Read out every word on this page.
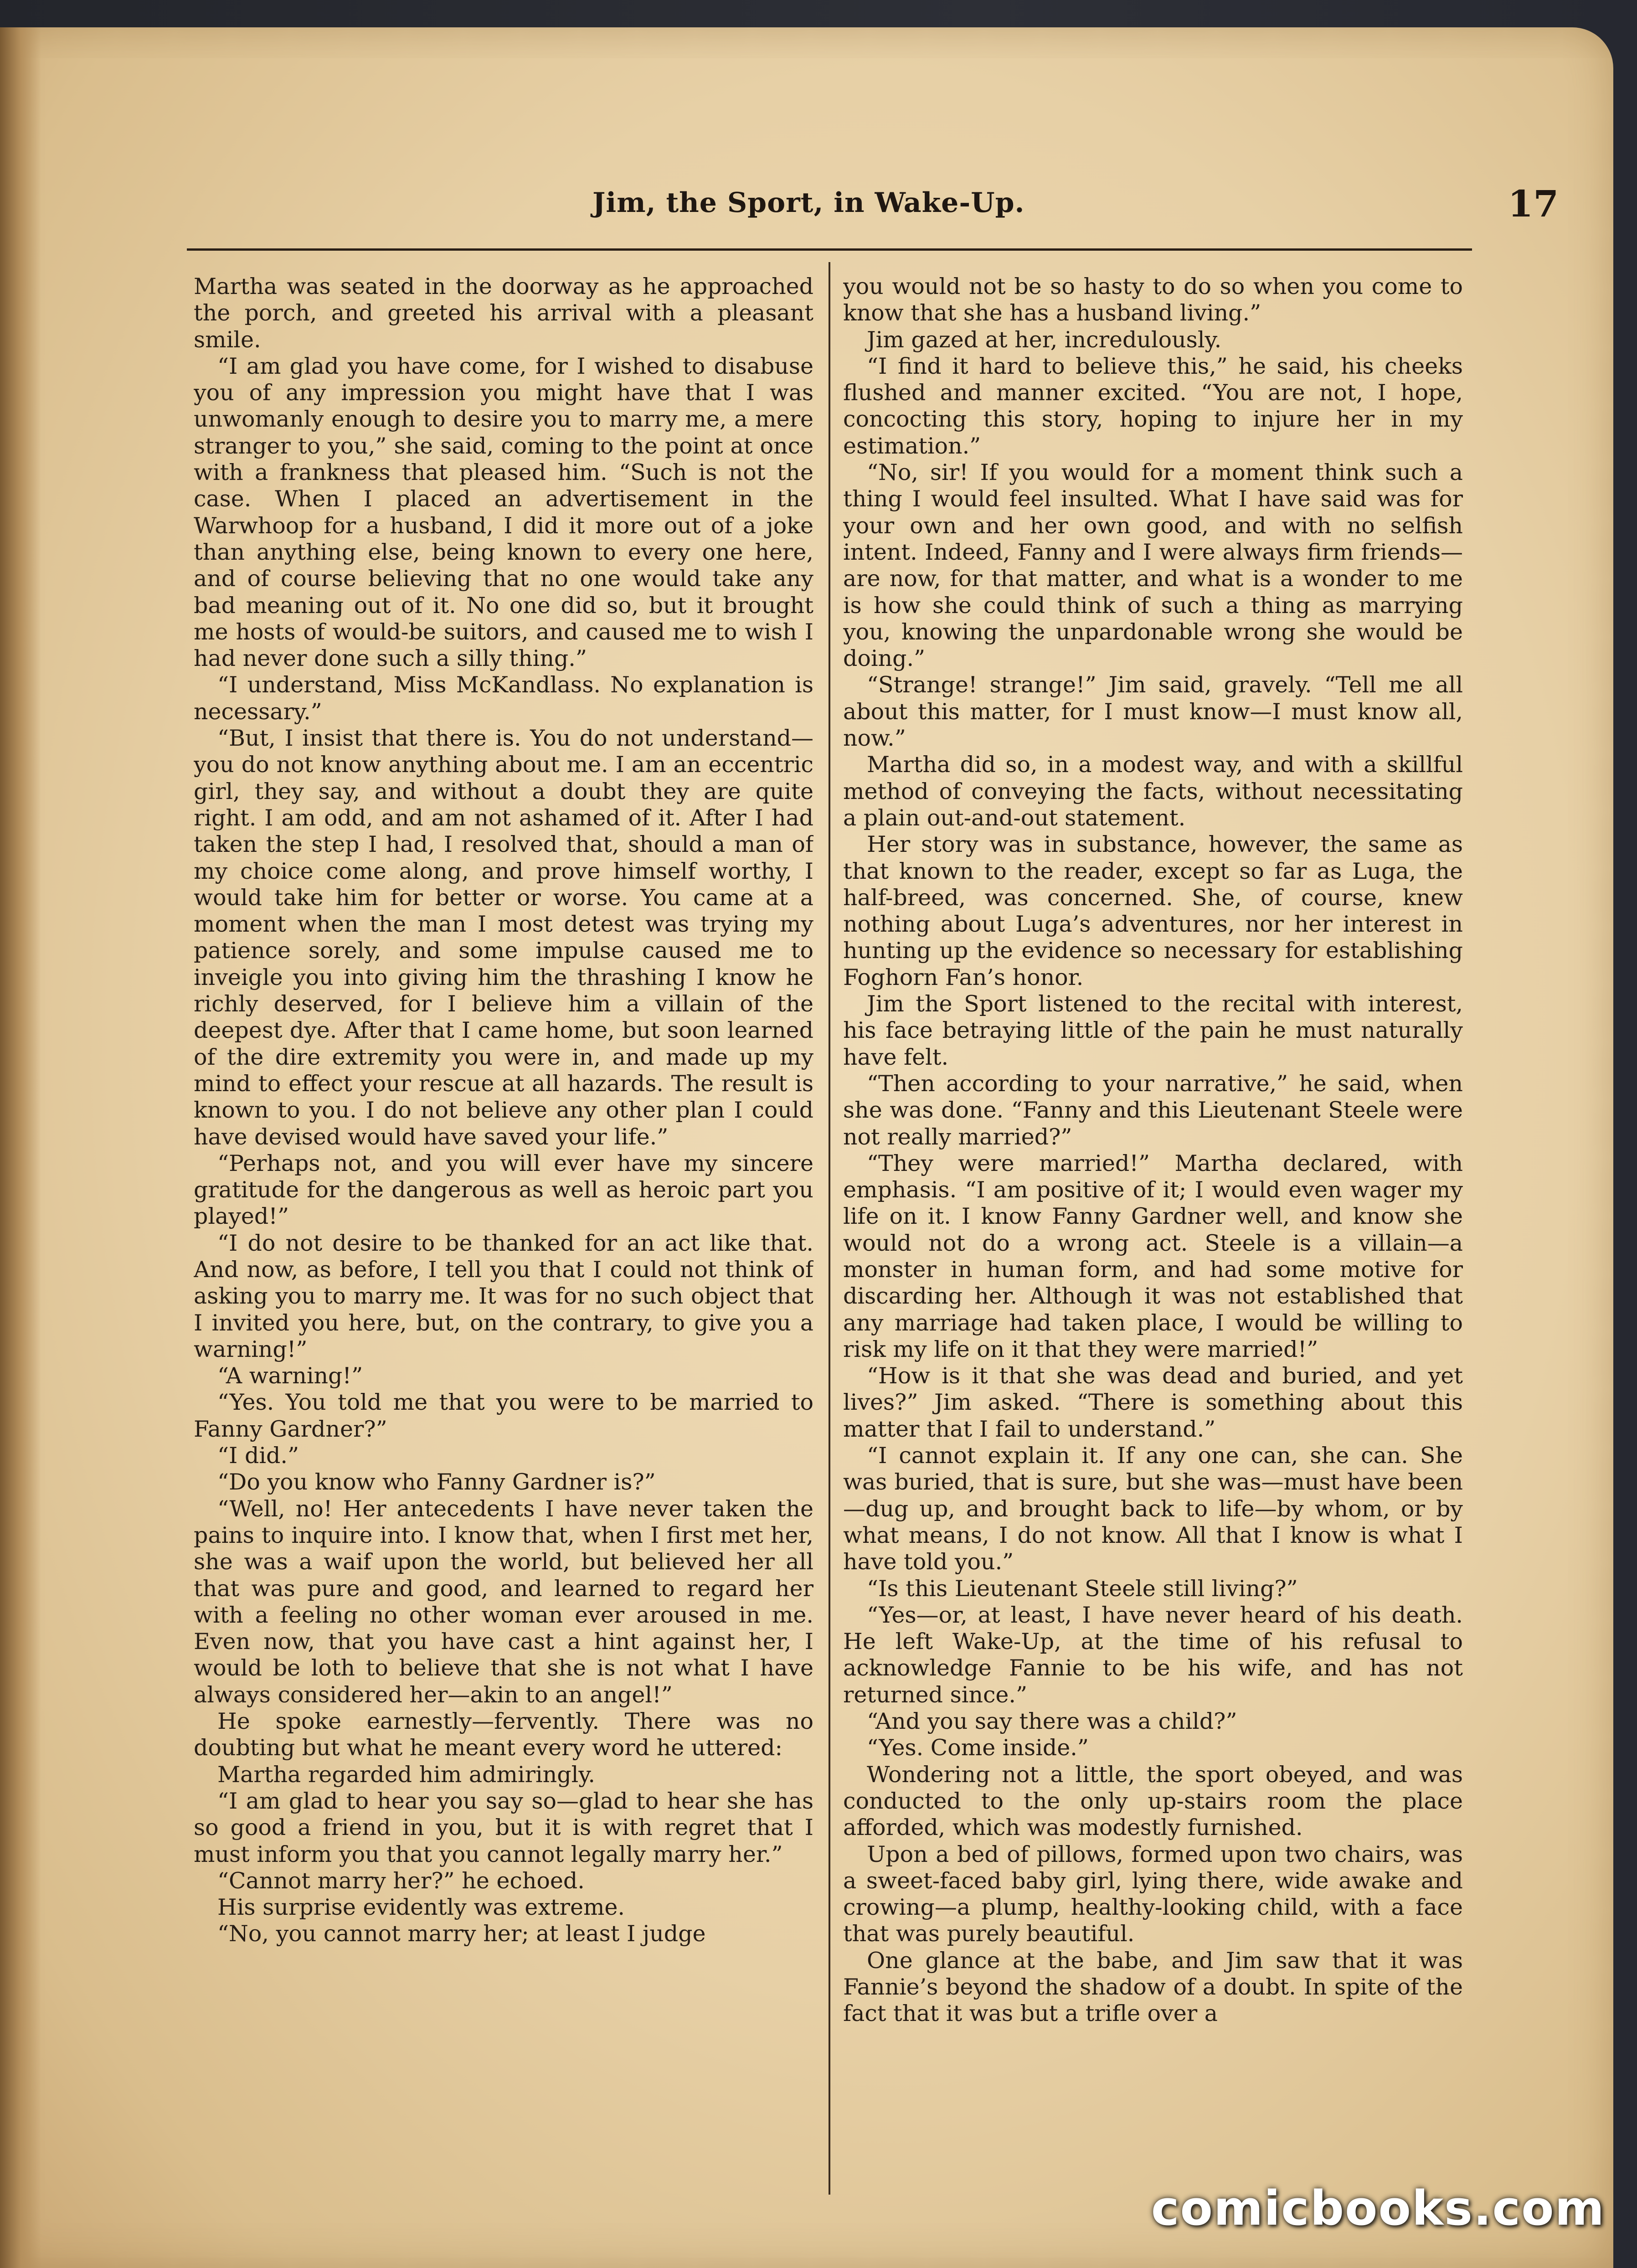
Jim, the Sport, in Wake-Up.	17

Martha was seated in the doorway as he approached the porch, and greeted his arrival with a pleasant smile.

“I am glad you have come, for I wished to disabuse you of any impression you might have that I was unwomanly enough to desire you to marry me, a mere stranger to you,” she said, coming to the point at once with a frankness that pleased him. “Such is not the case. When I placed an advertisement in the Warwhoop for a husband, I did it more out of a joke than anything else, being known to every one here, and of course believing that no one would take any bad meaning out of it. No one did so, but it brought me hosts of would-be suitors, and caused me to wish I had never done such a silly thing.”

“I understand, Miss McKandlass. No explanation is necessary.”

“But, I insist that there is. You do not understand—you do not know anything about me. I am an eccentric girl, they say, and without a doubt they are quite right. I am odd, and am not ashamed of it. After I had taken the step I had, I resolved that, should a man of my choice come along, and prove himself worthy, I would take him for better or worse. You came at a moment when the man I most detest was trying my patience sorely, and some impulse caused me to inveigle you into giving him the thrashing I know he richly deserved, for I believe him a villain of the deepest dye. After that I came home, but soon learned of the dire extremity you were in, and made up my mind to effect your rescue at all hazards. The result is known to you. I do not believe any other plan I could have devised would have saved your life.”

“Perhaps not, and you will ever have my sincere gratitude for the dangerous as well as heroic part you played!”

“I do not desire to be thanked for an act like that. And now, as before, I tell you that I could not think of asking you to marry me. It was for no such object that I invited you here, but, on the contrary, to give you a warning!”

“A warning!”

“Yes. You told me that you were to be married to Fanny Gardner?”

“I did.”

“Do you know who Fanny Gardner is?”

“Well, no! Her antecedents I have never taken the pains to inquire into. I know that, when I first met her, she was a waif upon the world, but believed her all that was pure and good, and learned to regard her with a feeling no other woman ever aroused in me. Even now, that you have cast a hint against her, I would be loth to believe that she is not what I have always considered her—akin to an angel!”

He spoke earnestly—fervently. There was no doubting but what he meant every word he uttered:

Martha regarded him admiringly.

“I am glad to hear you say so—glad to hear she has so good a friend in you, but it is with regret that I must inform you that you cannot legally marry her.”

“Cannot marry her?” he echoed.

His surprise evidently was extreme.

“No, you cannot marry her; at least I judge

you would not be so hasty to do so when you come to know that she has a husband living.”

Jim gazed at her, incredulously.

“I find it hard to believe this,” he said, his cheeks flushed and manner excited. “You are not, I hope, concocting this story, hoping to injure her in my estimation.”

“No, sir! If you would for a moment think such a thing I would feel insulted. What I have said was for your own and her own good, and with no selfish intent. Indeed, Fanny and I were always firm friends—are now, for that matter, and what is a wonder to me is how she could think of such a thing as marrying you, knowing the unpardonable wrong she would be doing.”

“Strange! strange!” Jim said, gravely. “Tell me all about this matter, for I must know—I must know all, now.”

Martha did so, in a modest way, and with a skillful method of conveying the facts, without necessitating a plain out-and-out statement.

Her story was in substance, however, the same as that known to the reader, except so far as Luga, the half-breed, was concerned. She, of course, knew nothing about Luga’s adventures, nor her interest in hunting up the evidence so necessary for establishing Foghorn Fan’s honor.

Jim the Sport listened to the recital with interest, his face betraying little of the pain he must naturally have felt.

“Then according to your narrative,” he said, when she was done. “Fanny and this Lieutenant Steele were not really married?”

“They were married!” Martha declared, with emphasis. “I am positive of it; I would even wager my life on it. I know Fanny Gardner well, and know she would not do a wrong act. Steele is a villain—a monster in human form, and had some motive for discarding her. Although it was not established that any marriage had taken place, I would be willing to risk my life on it that they were married!”

“How is it that she was dead and buried, and yet lives?” Jim asked. “There is something about this matter that I fail to understand.”

“I cannot explain it. If any one can, she can. She was buried, that is sure, but she was—must have been—dug up, and brought back to life—by whom, or by what means, I do not know. All that I know is what I have told you.”

“Is this Lieutenant Steele still living?”

“Yes—or, at least, I have never heard of his death. He left Wake-Up, at the time of his refusal to acknowledge Fannie to be his wife, and has not returned since.”

“And you say there was a child?”

“Yes. Come inside.”

Wondering not a little, the sport obeyed, and was conducted to the only up-stairs room the place afforded, which was modestly furnished.

Upon a bed of pillows, formed upon two chairs, was a sweet-faced baby girl, lying there, wide awake and crowing—a plump, healthy-looking child, with a face that was purely beautiful.

One glance at the babe, and Jim saw that it was Fannie’s beyond the shadow of a doubt. In spite of the fact that it was but a trifle over a

comicbooks.com
